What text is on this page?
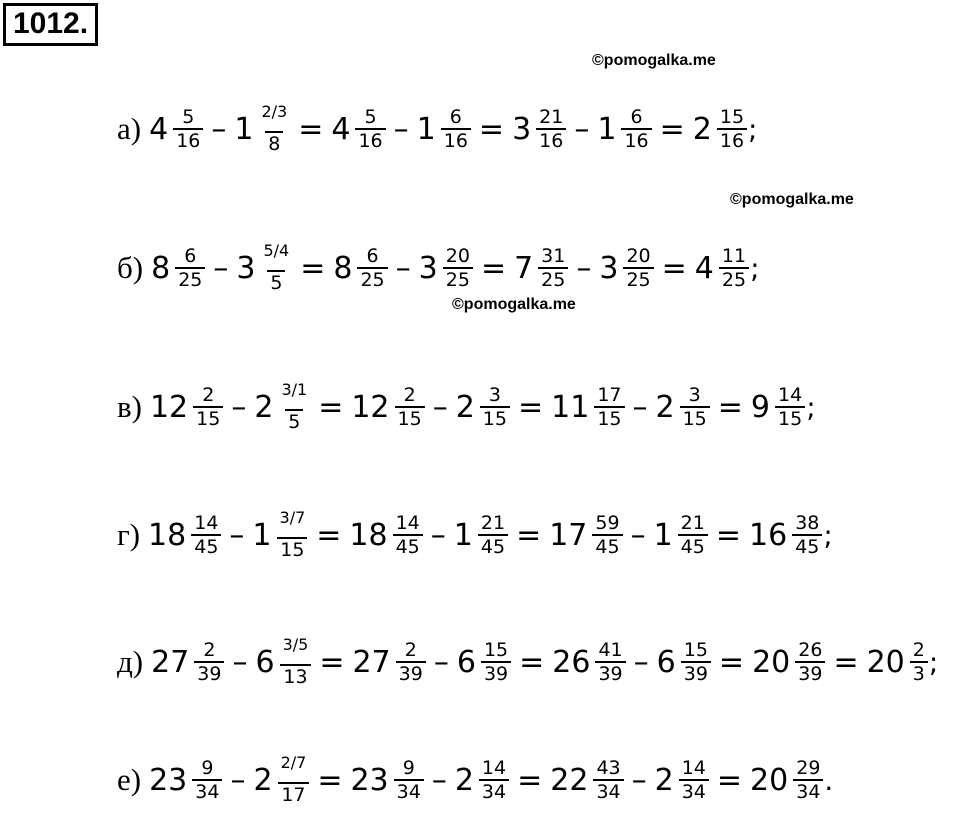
1012.
©pomogalka.me
©pomogalka.me
©pomogalka.me
а) $4 \frac{5}{16} - 1 \frac{2/3}{8} = 4 \frac{5}{16} - 1 \frac{6}{16} = 3 \frac{21}{16} - 1 \frac{6}{16} = 2 \frac{15}{16}$ ;
б) $8 \frac{6}{25} - 3 \frac{5/4}{5} = 8 \frac{6}{25} - 3 \frac{20}{25} = 7 \frac{31}{25} - 3 \frac{20}{25} = 4 \frac{11}{25}$ ;
в) $12 \frac{2}{15} - 2 \frac{3/1}{5} = 12 \frac{2}{15} - 2 \frac{3}{15} = 11 \frac{17}{15} - 2 \frac{3}{15} = 9 \frac{14}{15}$ ;
г) $18 \frac{14}{45} - 1 \frac{3/7}{15} = 18 \frac{14}{45} - 1 \frac{21}{45} = 17 \frac{59}{45} - 1 \frac{21}{45} = 16 \frac{38}{45}$ ;
д) $27 \frac{2}{39} - 6 \frac{3/5}{13} = 27 \frac{2}{39} - 6 \frac{15}{39} = 26 \frac{41}{39} - 6 \frac{15}{39} = 20 \frac{26}{39} = 20 \frac{2}{3}$ ;
е) $23 \frac{9}{34} - 2 \frac{2/7}{17} = 23 \frac{9}{34} - 2 \frac{14}{34} = 22 \frac{43}{34} - 2 \frac{14}{34} = 20 \frac{29}{34}$ .
